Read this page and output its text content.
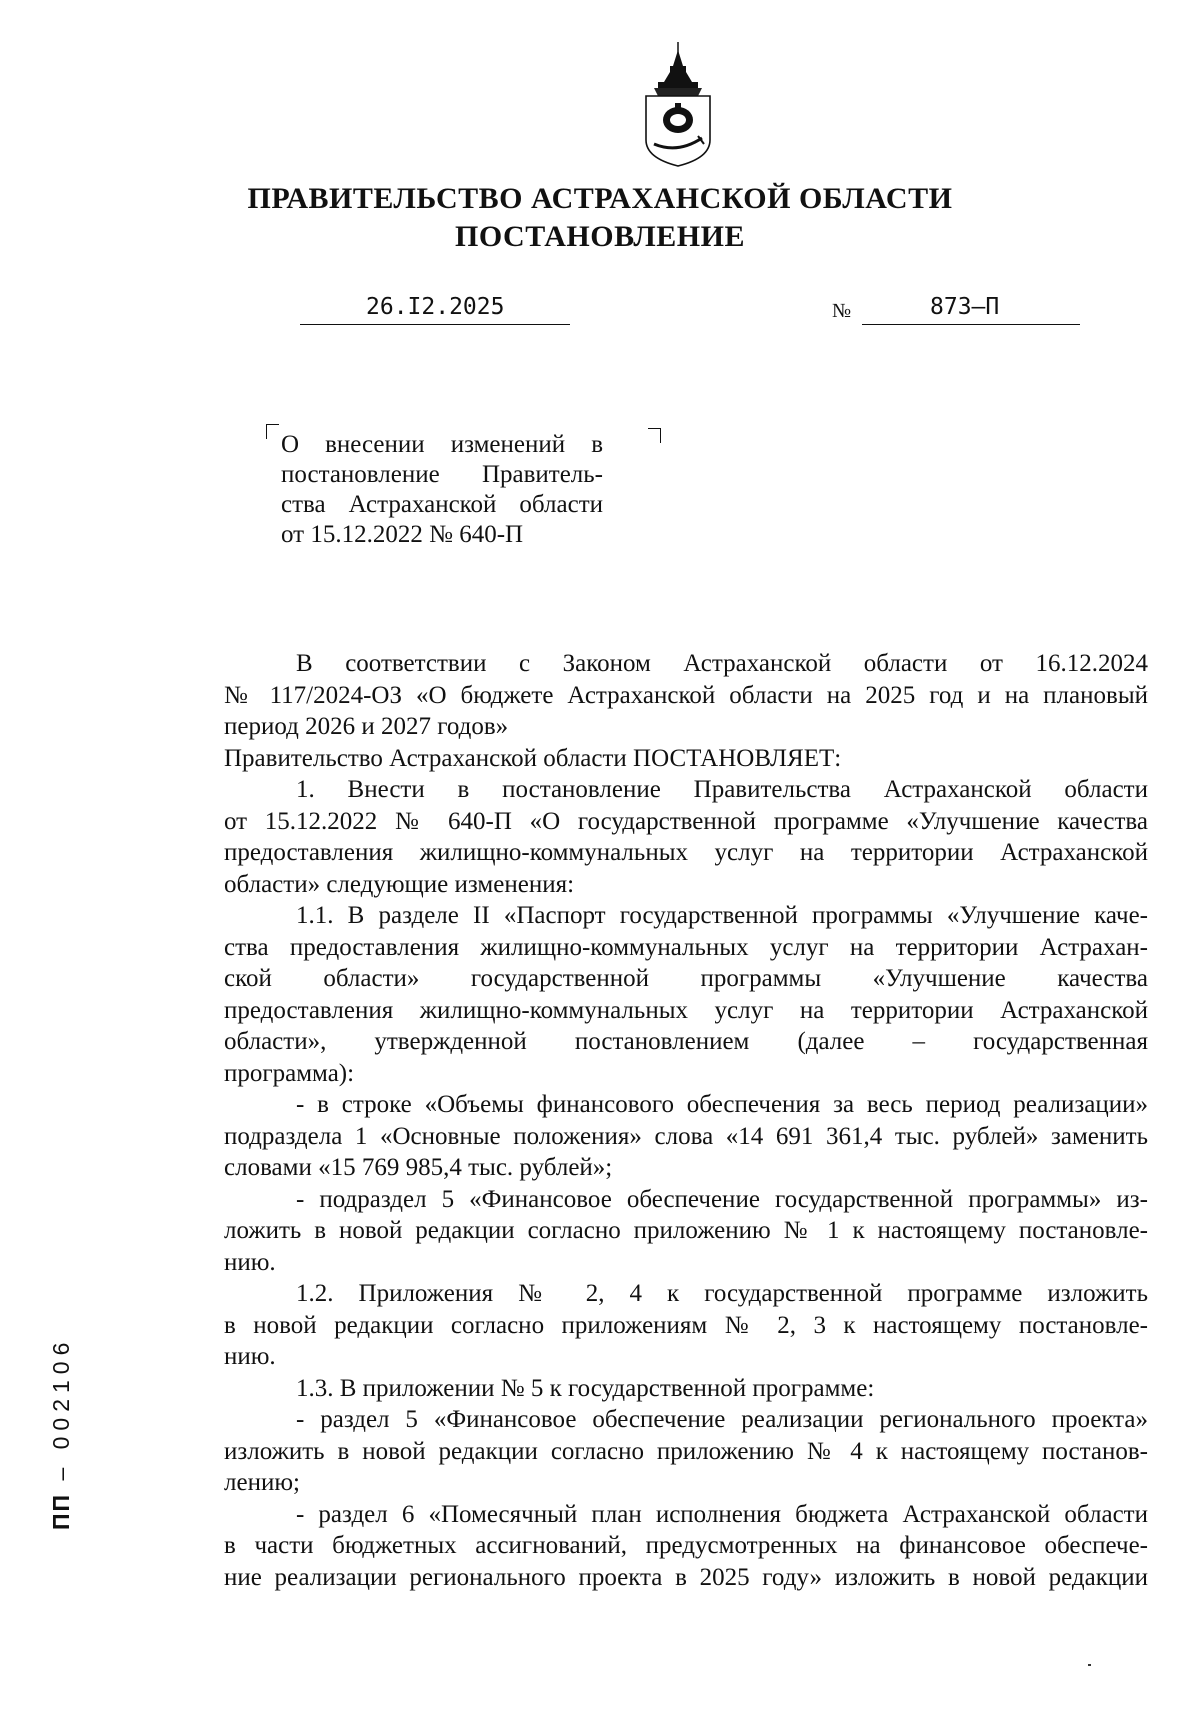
ПРАВИТЕЛЬСТВО АСТРАХАНСКОЙ ОБЛАСТИ
ПОСТАНОВЛЕНИЕ
26.I2.2025	№	873–П
О внесении изменений в
постановление Правитель-
ства Астраханской области
от 15.12.2022 № 640-П
В соответствии с Законом Астраханской области от 16.12.2024
№ 117/2024-ОЗ «О бюджете Астраханской области на 2025 год и на плановый
период 2026 и 2027 годов»
Правительство Астраханской области ПОСТАНОВЛЯЕТ:
1. Внести в постановление Правительства Астраханской области
от 15.12.2022 № 640-П «О государственной программе «Улучшение качества
предоставления жилищно-коммунальных услуг на территории Астраханской
области» следующие изменения:
1.1. В разделе II «Паспорт государственной программы «Улучшение каче-
ства предоставления жилищно-коммунальных услуг на территории Астрахан-
ской области» государственной программы «Улучшение качества
предоставления жилищно-коммунальных услуг на территории Астраханской
области», утвержденной постановлением (далее – государственная
программа):
- в строке «Объемы финансового обеспечения за весь период реализации»
подраздела 1 «Основные положения» слова «14 691 361,4 тыс. рублей» заменить
словами «15 769 985,4 тыс. рублей»;
- подраздел 5 «Финансовое обеспечение государственной программы» из-
ложить в новой редакции согласно приложению № 1 к настоящему постановле-
нию.
1.2. Приложения № 2, 4 к государственной программе изложить
в новой редакции согласно приложениям № 2, 3 к настоящему постановле-
нию.
1.3. В приложении № 5 к государственной программе:
- раздел 5 «Финансовое обеспечение реализации регионального проекта»
изложить в новой редакции согласно приложению № 4 к настоящему постанов-
лению;
- раздел 6 «Помесячный план исполнения бюджета Астраханской области
в части бюджетных ассигнований, предусмотренных на финансовое обеспече-
ние реализации регионального проекта в 2025 году» изложить в новой редакции
ПП – 002106
